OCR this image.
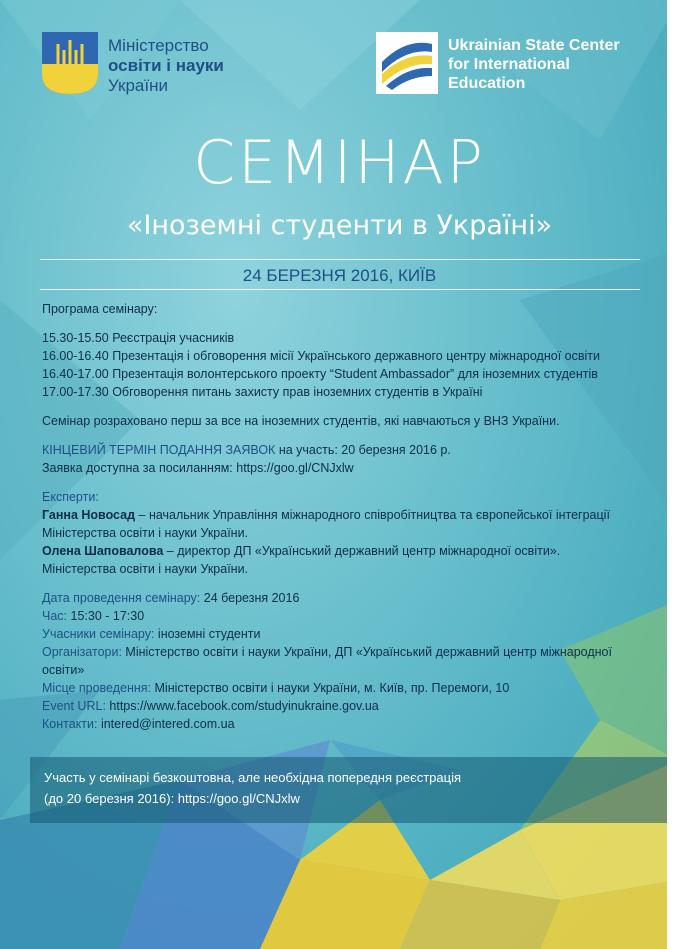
Міністерство
освіти і науки
України
Ukrainian State Center
for International
Education
СЕМІНАР
«Іноземні студенти в Україні»
24 БЕРЕЗНЯ 2016, КИЇВ

Програма семінару:

15.30-15.50 Реєстрація учасників

16.00-16.40 Презентація і обговорення місії Українського державного центру міжнародної освіти

16.40-17.00 Презентація волонтерського проекту “Student Ambassador” для іноземних студентів

17.00-17.30 Обговорення питань захисту прав іноземних студентів в Україні

Семінар розраховано перш за все на іноземних студентів, які навчаються у ВНЗ України.

КІНЦЕВИЙ ТЕРМІН ПОДАННЯ ЗАЯВОК на участь: 20 березня 2016 р.

Заявка доступна за посиланням: https://goo.gl/CNJxlw

Експерти:

Ганна Новосад – начальник Управління міжнародного співробітництва та європейської інтеграції

Міністерства освіти і науки України.

Олена Шаповалова – директор ДП «Український державний центр міжнародної освіти».

Міністерства освіти і науки України.

Дата проведення семінару: 24 березня 2016

Час: 15:30 - 17:30

Учасники семінару: іноземні студенти

Організатори: Міністерство освіти і науки України, ДП «Український державний центр міжнародної

освіти»

Місце проведення: Міністерство освіти і науки України, м. Київ, пр. Перемоги, 10

Event URL: https://www.facebook.com/studyinukraine.gov.ua

Контакти: intered@intered.com.ua

Участь у семінарі безкоштовна, але необхідна попередня реєстрація
(до 20 березня 2016): https://goo.gl/CNJxlw
